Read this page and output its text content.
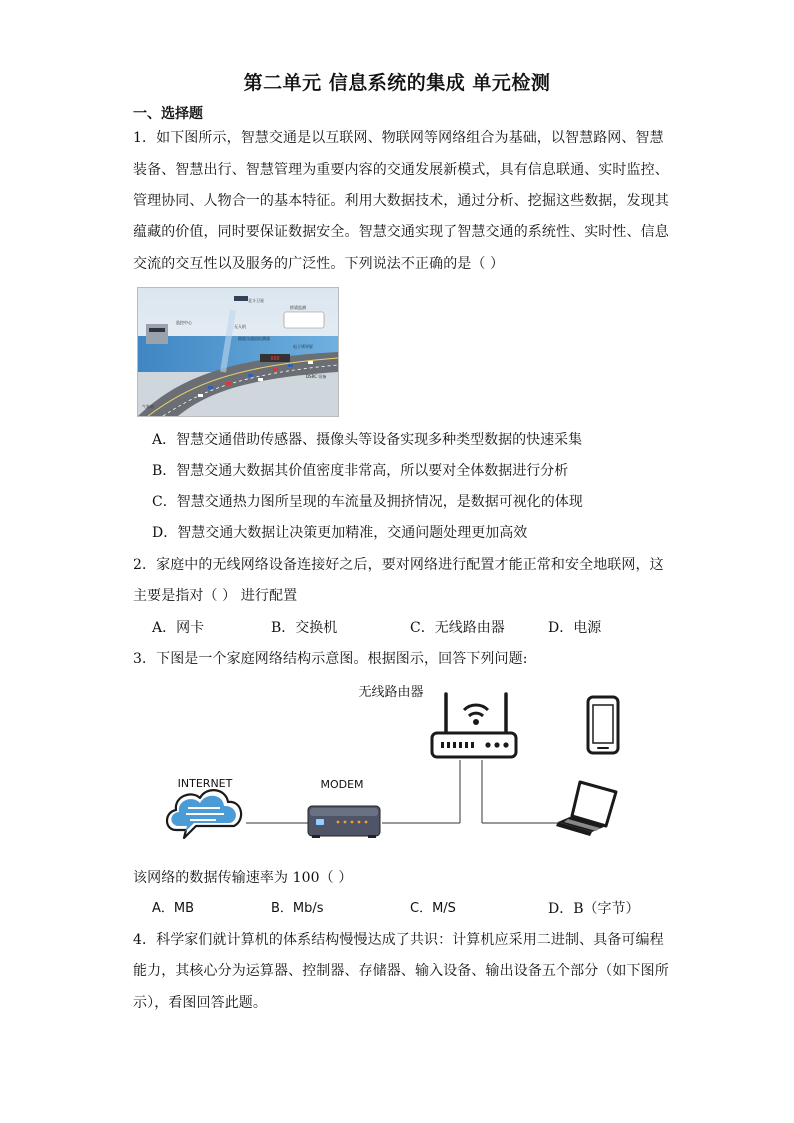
第二单元 信息系统的集成 单元检测
一、选择题
1．如下图所示，智慧交通是以互联网、物联网等网络组合为基础，以智慧路网、智慧
装备、智慧出行、智慧管理为重要内容的交通发展新模式，具有信息联通、实时监控、
管理协同、人物合一的基本特征。利用大数据技术，通过分析、挖掘这些数据，发现其
蕴藏的价值，同时要保证数据安全。智慧交通实现了智慧交通的系统性、实时性、信息
交流的交互性以及服务的广泛性。下列说法不正确的是（ ）
888
北斗卫星
监控中心
无人机
路面交通流检测器
桥梁监测
电子诱导屏
DSRC 设备
气象站
A．智慧交通借助传感器、摄像头等设备实现多种类型数据的快速采集
B．智慧交通大数据其价值密度非常高，所以要对全体数据进行分析
C．智慧交通热力图所呈现的车流量及拥挤情况，是数据可视化的体现
D．智慧交通大数据让决策更加精准，交通问题处理更加高效
2．家庭中的无线网络设备连接好之后，要对网络进行配置才能正常和安全地联网，这
主要是指对（ ） 进行配置
A．网卡	B．交换机	C．无线路由器	D．电源
3．下图是一个家庭网络结构示意图。根据图示，回答下列问题:
无线路由器
INTERNET	MODEM
该网络的数据传输速率为 100（ ）
A．MB	B．Mb/s	C．M/S	D．B（字节）
4．科学家们就计算机的体系结构慢慢达成了共识：计算机应采用二进制、具备可编程
能力，其核心分为运算器、控制器、存储器、输入设备、输出设备五个部分（如下图所
示），看图回答此题。
